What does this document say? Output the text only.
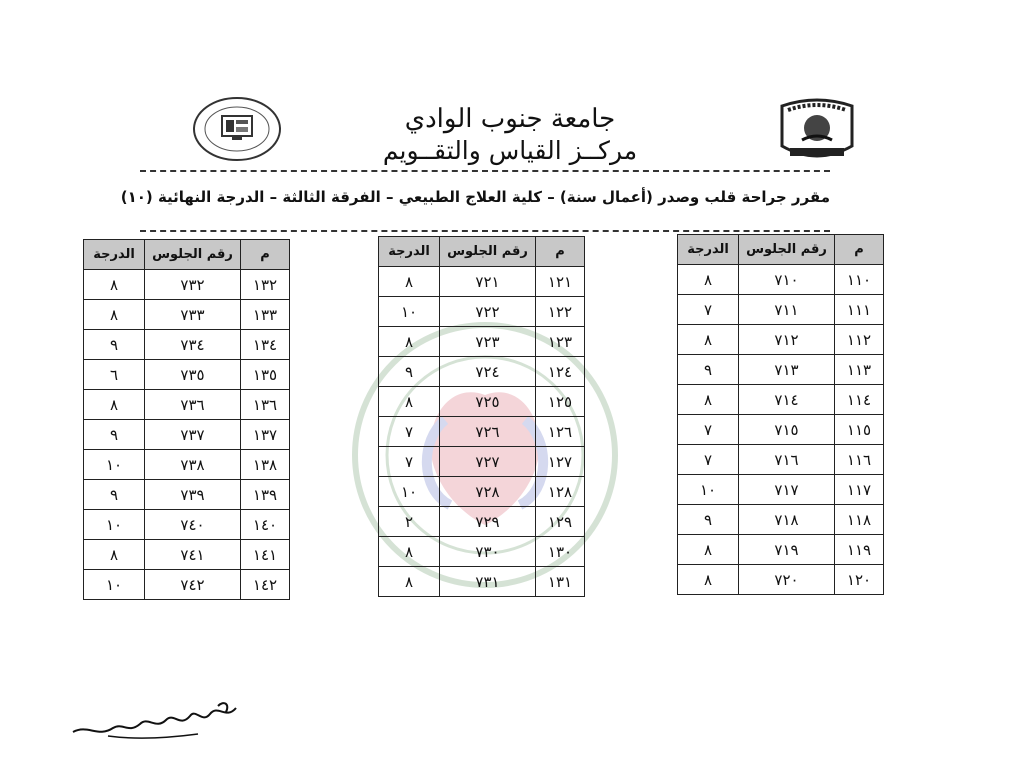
جامعة جنوب الوادي
مركــز القياس والتقــويم
مقرر جراحة قلب وصدر (أعمال سنة) – كلية العلاج الطبيعي – الفرقة الثالثة – الدرجة النهائية (١٠)
م	رقم الجلوس	الدرجة
١١٠	٧١٠	٨
١١١	٧١١	٧
١١٢	٧١٢	٨
١١٣	٧١٣	٩
١١٤	٧١٤	٨
١١٥	٧١٥	٧
١١٦	٧١٦	٧
١١٧	٧١٧	١٠
١١٨	٧١٨	٩
١١٩	٧١٩	٨
١٢٠	٧٢٠	٨
م	رقم الجلوس	الدرجة
١٢١	٧٢١	٨
١٢٢	٧٢٢	١٠
١٢٣	٧٢٣	٨
١٢٤	٧٢٤	٩
١٢٥	٧٢٥	٨
١٢٦	٧٢٦	٧
١٢٧	٧٢٧	٧
١٢٨	٧٢٨	١٠
١٢٩	٧٢٩	٢
١٣٠	٧٣٠	٨
١٣١	٧٣١	٨
م	رقم الجلوس	الدرجة
١٣٢	٧٣٢	٨
١٣٣	٧٣٣	٨
١٣٤	٧٣٤	٩
١٣٥	٧٣٥	٦
١٣٦	٧٣٦	٨
١٣٧	٧٣٧	٩
١٣٨	٧٣٨	١٠
١٣٩	٧٣٩	٩
١٤٠	٧٤٠	١٠
١٤١	٧٤١	٨
١٤٢	٧٤٢	١٠
